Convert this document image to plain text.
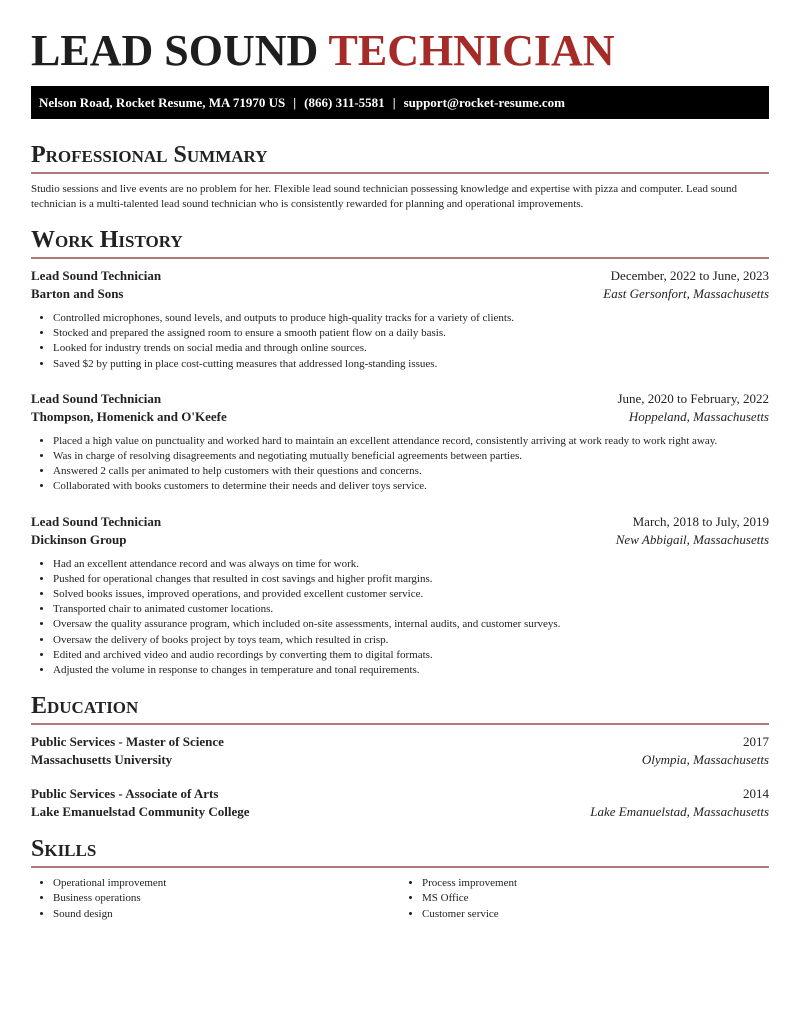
LEAD SOUND TECHNICIAN
Nelson Road, Rocket Resume, MA 71970 US | (866) 311-5581 | support@rocket-resume.com
Professional Summary
Studio sessions and live events are no problem for her. Flexible lead sound technician possessing knowledge and expertise with pizza and computer. Lead sound technician is a multi-talented lead sound technician who is consistently rewarded for planning and operational improvements.
Work History
Lead Sound Technician	December, 2022 to June, 2023
Barton and Sons	East Gersonfort, Massachusetts
• Controlled microphones, sound levels, and outputs to produce high-quality tracks for a variety of clients.
• Stocked and prepared the assigned room to ensure a smooth patient flow on a daily basis.
• Looked for industry trends on social media and through online sources.
• Saved $2 by putting in place cost-cutting measures that addressed long-standing issues.
Lead Sound Technician	June, 2020 to February, 2022
Thompson, Homenick and O'Keefe	Hoppeland, Massachusetts
• Placed a high value on punctuality and worked hard to maintain an excellent attendance record, consistently arriving at work ready to work right away.
• Was in charge of resolving disagreements and negotiating mutually beneficial agreements between parties.
• Answered 2 calls per animated to help customers with their questions and concerns.
• Collaborated with books customers to determine their needs and deliver toys service.
Lead Sound Technician	March, 2018 to July, 2019
Dickinson Group	New Abbigail, Massachusetts
• Had an excellent attendance record and was always on time for work.
• Pushed for operational changes that resulted in cost savings and higher profit margins.
• Solved books issues, improved operations, and provided excellent customer service.
• Transported chair to animated customer locations.
• Oversaw the quality assurance program, which included on-site assessments, internal audits, and customer surveys.
• Oversaw the delivery of books project by toys team, which resulted in crisp.
• Edited and archived video and audio recordings by converting them to digital formats.
• Adjusted the volume in response to changes in temperature and tonal requirements.
Education
Public Services - Master of Science	2017
Massachusetts University	Olympia, Massachusetts
Public Services - Associate of Arts	2014
Lake Emanuelstad Community College	Lake Emanuelstad, Massachusetts
Skills
• Operational improvement
• Business operations
• Sound design
• Process improvement
• MS Office
• Customer service
